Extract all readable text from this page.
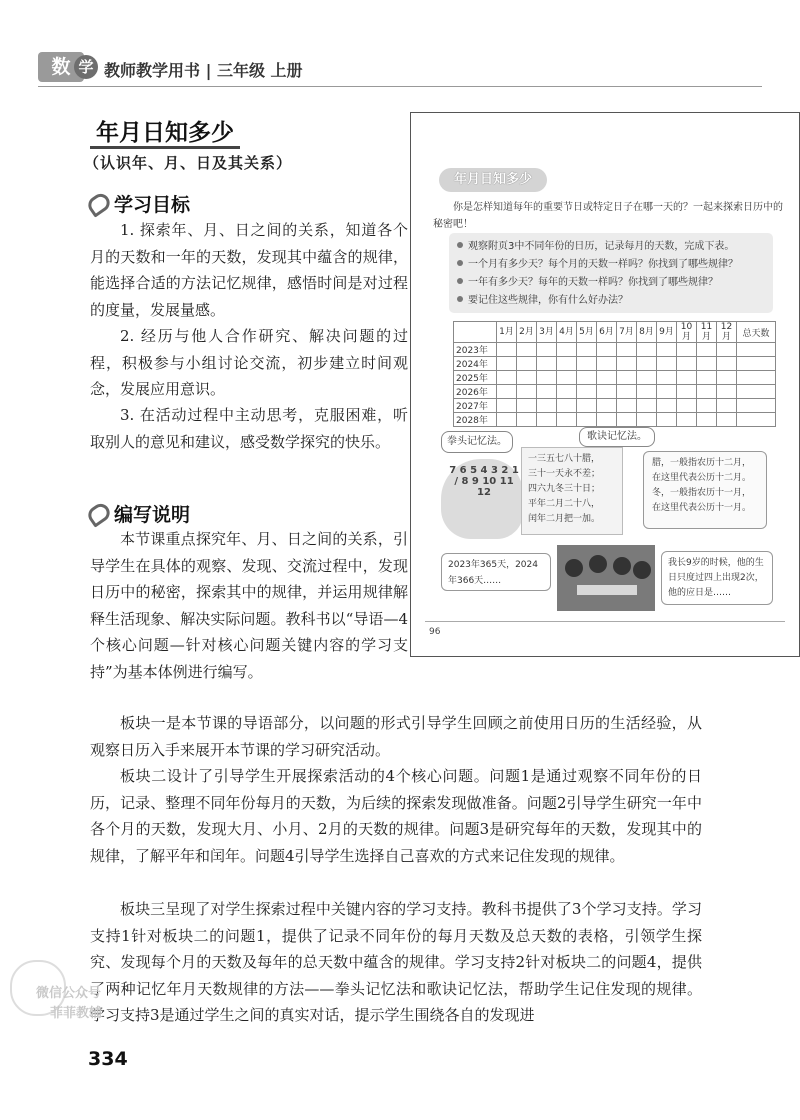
数 学 教师教学用书 | 三年级 上册
年月日知多少
（认识年、月、日及其关系）
学习目标

1. 探索年、月、日之间的关系，知道各个月的天数和一年的天数，发现其中蕴含的规律，能选择合适的方法记忆规律，感悟时间是对过程的度量，发展量感。

2. 经历与他人合作研究、解决问题的过程，积极参与小组讨论交流，初步建立时间观念，发展应用意识。

3. 在活动过程中主动思考，克服困难，听取别人的意见和建议，感受数学探究的快乐。

编写说明

本节课重点探究年、月、日之间的关系，引导学生在具体的观察、发现、交流过程中，发现日历中的秘密，探索其中的规律，并运用规律解释生活现象、解决实际问题。教科书以“导语—4个核心问题—针对核心问题关键内容的学习支持”为基本体例进行编写。

板块一是本节课的导语部分，以问题的形式引导学生回顾之前使用日历的生活经验，从观察日历入手来展开本节课的学习研究活动。

板块二设计了引导学生开展探索活动的4个核心问题。问题1是通过观察不同年份的日历，记录、整理不同年份每月的天数，为后续的探索发现做准备。问题2引导学生研究一年中各个月的天数，发现大月、小月、2月的天数的规律。问题3是研究每年的天数，发现其中的规律，了解平年和闰年。问题4引导学生选择自己喜欢的方式来记住发现的规律。

板块三呈现了对学生探索过程中关键内容的学习支持。教科书提供了3个学习支持。学习支持1针对板块二的问题1，提供了记录不同年份的每月天数及总天数的表格，引领学生探究、发现每个月的天数及每年的总天数中蕴含的规律。学习支持2针对板块二的问题4，提供了两种记忆年月天数规律的方法——拳头记忆法和歌诀记忆法，帮助学生记住发现的规律。学习支持3是通过学生之间的真实对话，提示学生围绕各自的发现进

年月日知多少

你是怎样知道每年的重要节日或特定日子在哪一天的？一起来探索日历中的秘密吧！

观察附页3中不同年份的日历，记录每月的天数，完成下表。
一个月有多少天？每个月的天数一样吗？你找到了哪些规律？
一年有多少天？每年的天数一样吗？你找到了哪些规律？
要记住这些规律，你有什么好办法？
	1月	2月	3月	4月	5月	6月	7月	8月	9月	10月	11月	12月	总天数
2023年													
2024年													
2025年													
2026年													
2027年													
2028年													
拳头记忆法。
7 6 5 4 3 2 1 / 8 9 10 11 12
歌诀记忆法。
一三五七八十腊，
三十一天永不差；
四六九冬三十日；
平年二月二十八，
闰年二月把一加。
腊，一般指农历十二月，
在这里代表公历十二月。
冬，一般指农历十一月，
在这里代表公历十一月。
2023年365天，2024年366天……
我长9岁的时候，他的生日只度过四上出现2次，他的应日是……
96
微信公众号
菲菲教辅
334
